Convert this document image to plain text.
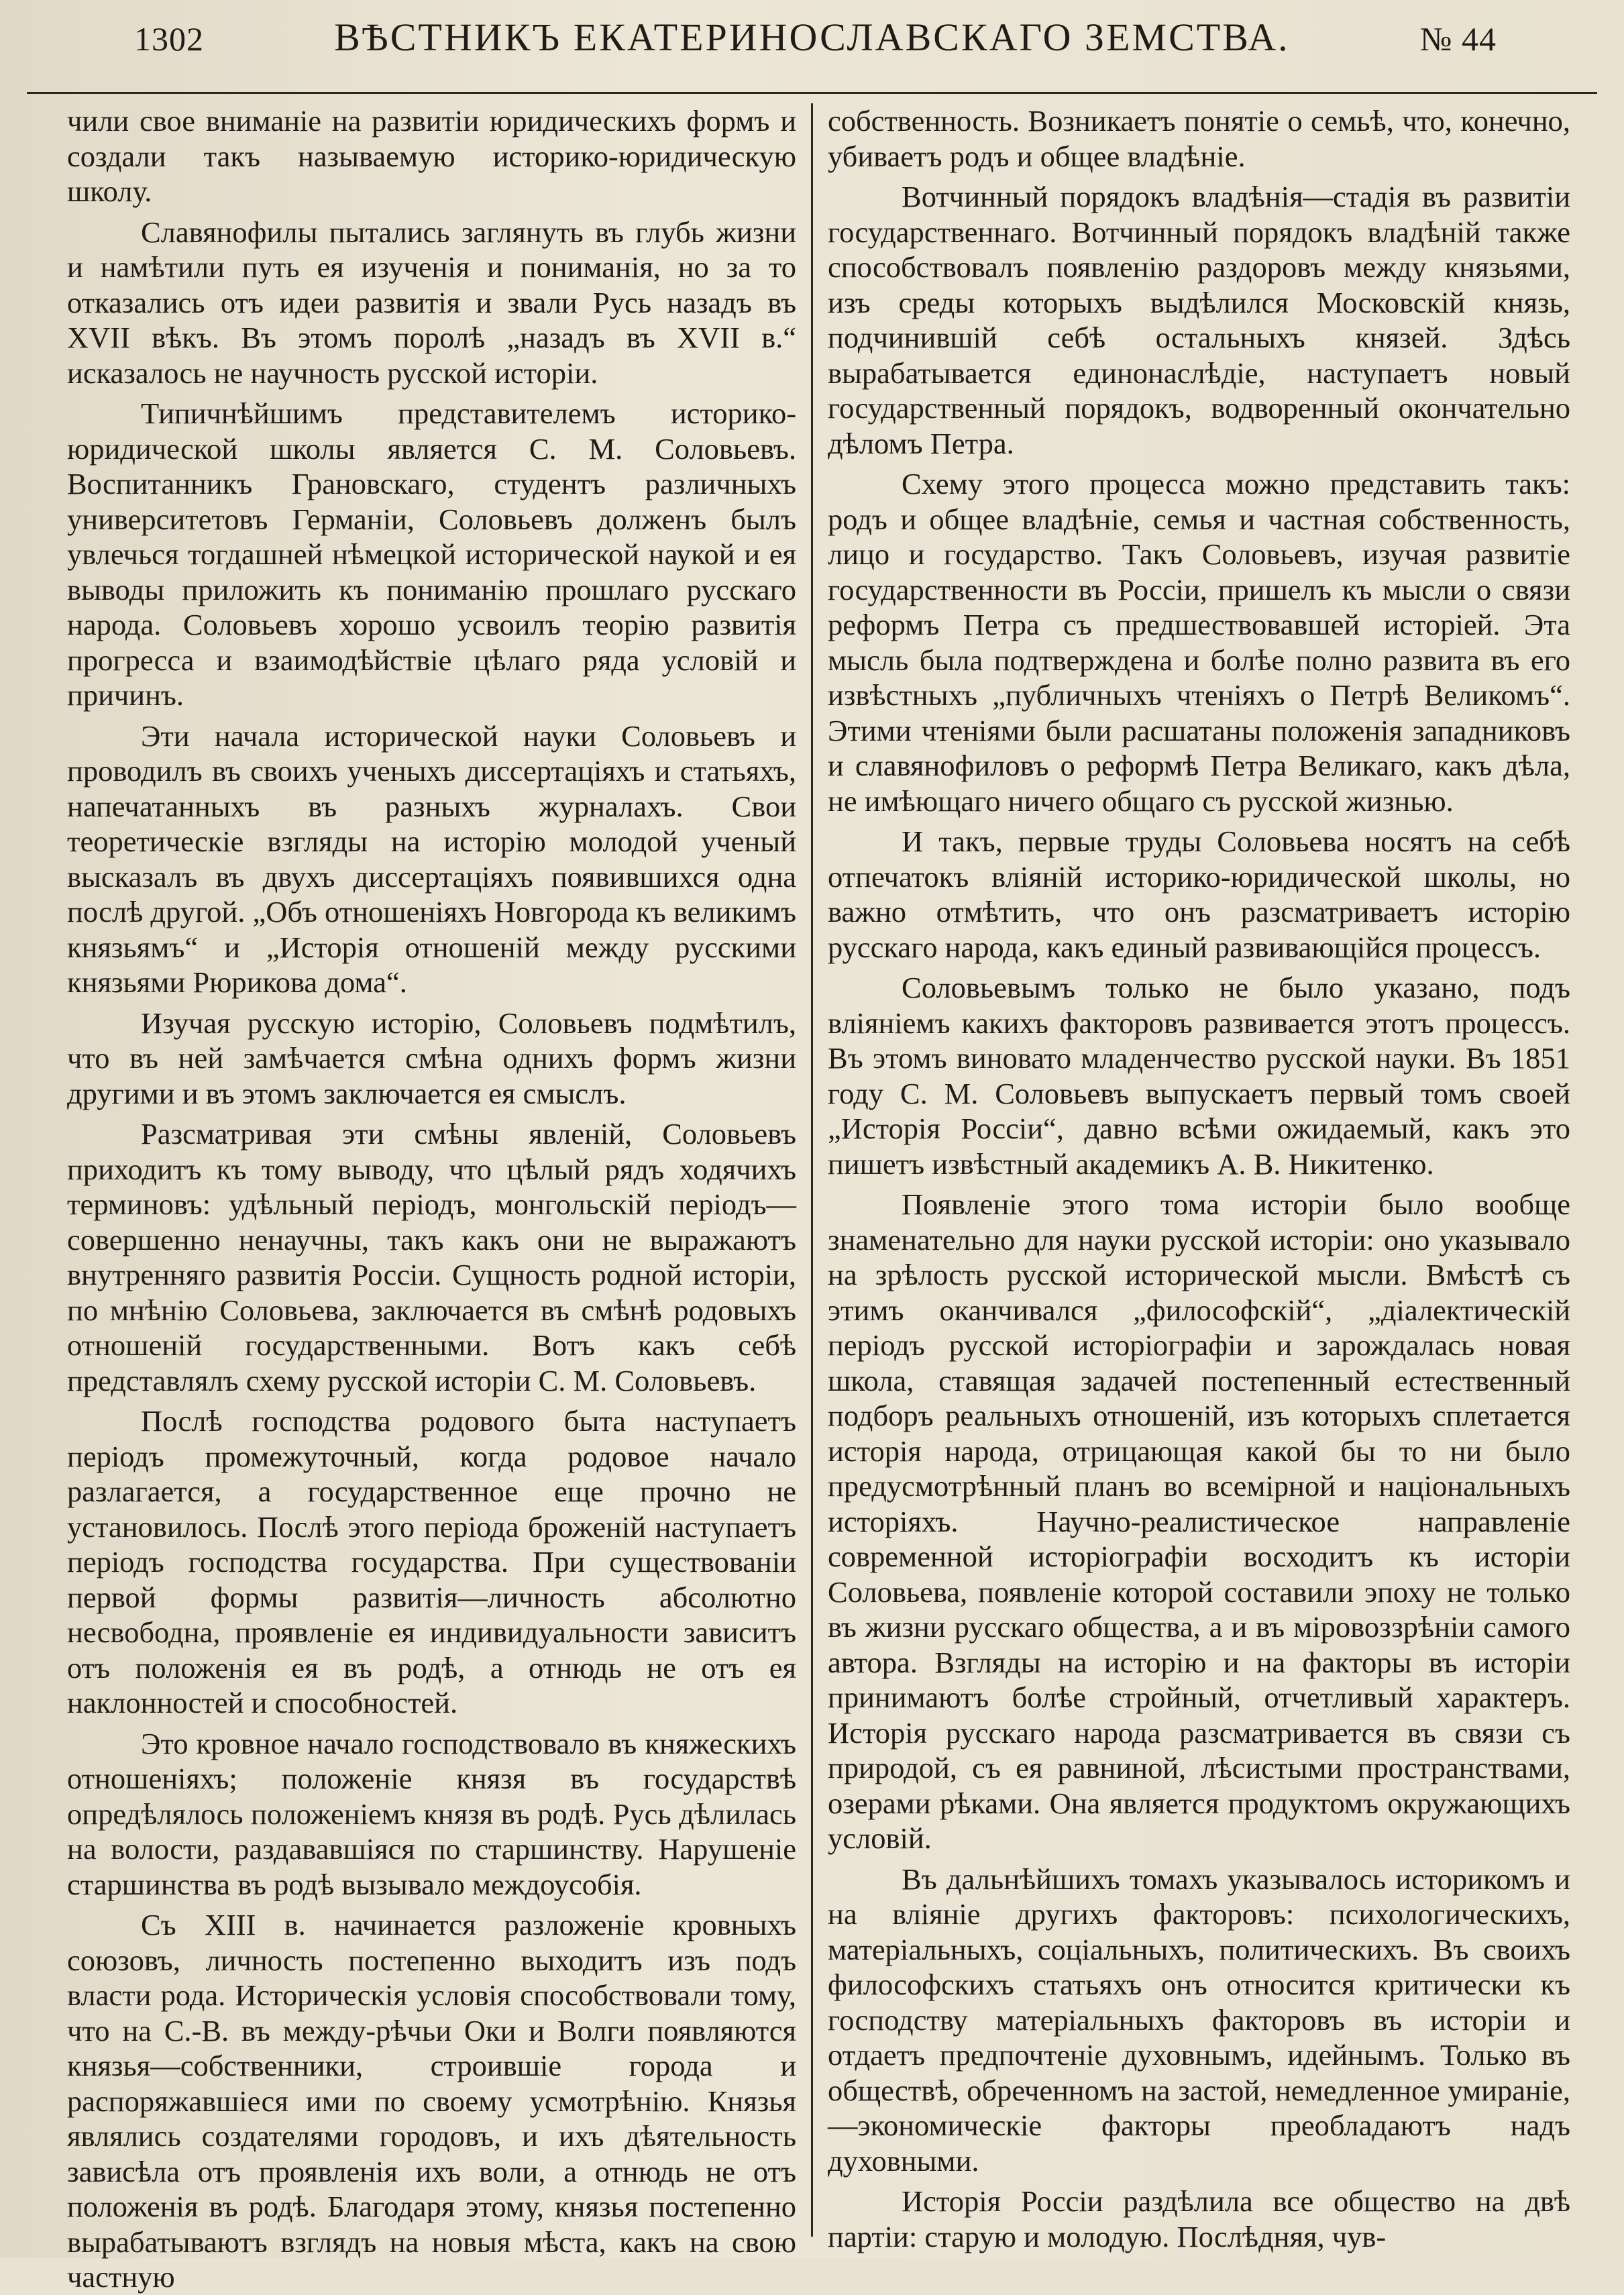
1302	ВѢСТНИКЪ ЕКАТЕРИНОСЛАВСКАГО ЗЕМСТВА.	№ 44

чили свое вниманіе на развитіи юридическихъ формъ и создали такъ называемую историко-юридическую школу.

Славянофилы пытались заглянуть въ глубь жизни и намѣтили путь ея изученія и пониманія, но за то отказались отъ идеи развитія и звали Русь назадъ въ XVII вѣкъ. Въ этомъ поролѣ „назадъ въ XVII в.“ исказалось не научность русской исторіи.

Типичнѣйшимъ представителемъ историко-юридической школы является С. М. Соловьевъ. Воспитанникъ Грановскаго, студентъ различныхъ университетовъ Германіи, Соловьевъ долженъ былъ увлечься тогдашней нѣмецкой исторической наукой и ея выводы приложить къ пониманію прошлаго русскаго народа. Соловьевъ хорошо усвоилъ теорію развитія прогресса и взаимодѣйствіе цѣлаго ряда условій и причинъ.

Эти начала исторической науки Соловьевъ и проводилъ въ своихъ ученыхъ диссертаціяхъ и статьяхъ, напечатанныхъ въ разныхъ журналахъ. Свои теоретическіе взгляды на исторію молодой ученый высказалъ въ двухъ диссертаціяхъ появившихся одна послѣ другой. „Объ отношеніяхъ Новгорода къ великимъ князьямъ“ и „Исторія отношеній между русскими князьями Рюрикова дома“.

Изучая русскую исторію, Соловьевъ подмѣтилъ, что въ ней замѣчается смѣна однихъ формъ жизни другими и въ этомъ заключается ея смыслъ.

Разсматривая эти смѣны явленій, Соловьевъ приходитъ къ тому выводу, что цѣлый рядъ ходячихъ терминовъ: удѣльный періодъ, монгольскій періодъ—совершенно ненаучны, такъ какъ они не выражаютъ внутренняго развитія Россіи. Сущность родной исторіи, по мнѣнію Соловьева, заключается въ смѣнѣ родовыхъ отношеній государственными. Вотъ какъ себѣ представлялъ схему русской исторіи С. М. Соловьевъ.

Послѣ господства родового быта наступаетъ періодъ промежуточный, когда родовое начало разлагается, а государственное еще прочно не установилось. Послѣ этого періода броженій наступаетъ періодъ господства государства. При существованіи первой формы развитія—личность абсолютно несвободна, проявленіе ея индивидуальности зависитъ отъ положенія ея въ родѣ, а отнюдь не отъ ея наклонностей и способностей.

Это кровное начало господствовало въ княжескихъ отношеніяхъ; положеніе князя въ государствѣ опредѣлялось положеніемъ князя въ родѣ. Русь дѣлилась на волости, раздававшіяся по старшинству. Нарушеніе старшинства въ родѣ вызывало междоусобія.

Съ XIII в. начинается разложеніе кровныхъ союзовъ, личность постепенно выходитъ изъ подъ власти рода. Историческія условія способствовали тому, что на С.-В. въ между-рѣчьи Оки и Волги появляются князья—собственники, строившіе города и распоряжавшіеся ими по своему усмотрѣнію. Князья являлись создателями городовъ, и ихъ дѣятельность зависѣла отъ проявленія ихъ воли, а отнюдь не отъ положенія въ родѣ. Благодаря этому, князья постепенно вырабатываютъ взглядъ на новыя мѣста, какъ на свою частную

собственность. Возникаетъ понятіе о семьѣ, что, конечно, убиваетъ родъ и общее владѣніе.

Вотчинный порядокъ владѣнія—стадія въ развитіи государственнаго. Вотчинный порядокъ владѣній также способствовалъ появленію раздоровъ между князьями, изъ среды которыхъ выдѣлился Московскій князь, подчинившій себѣ остальныхъ князей. Здѣсь вырабатывается единонаслѣдіе, наступаетъ новый государственный порядокъ, водворенный окончательно дѣломъ Петра.

Схему этого процесса можно представить такъ: родъ и общее владѣніе, семья и частная собственность, лицо и государство. Такъ Соловьевъ, изучая развитіе государственности въ Россіи, пришелъ къ мысли о связи реформъ Петра съ предшествовавшей исторіей. Эта мысль была подтверждена и болѣе полно развита въ его извѣстныхъ „публичныхъ чтеніяхъ о Петрѣ Великомъ“. Этими чтеніями были расшатаны положенія западниковъ и славянофиловъ о реформѣ Петра Великаго, какъ дѣла, не имѣющаго ничего общаго съ русской жизнью.

И такъ, первые труды Соловьева носятъ на себѣ отпечатокъ вліяній историко-юридической школы, но важно отмѣтить, что онъ разсматриваетъ исторію русскаго народа, какъ единый развивающійся процессъ.

Соловьевымъ только не было указано, подъ вліяніемъ какихъ факторовъ развивается этотъ процессъ. Въ этомъ виновато младенчество русской науки. Въ 1851 году С. М. Соловьевъ выпускаетъ первый томъ своей „Исторія Россіи“, давно всѣми ожидаемый, какъ это пишетъ извѣстный академикъ А. В. Никитенко.

Появленіе этого тома исторіи было вообще знаменательно для науки русской исторіи: оно указывало на зрѣлость русской исторической мысли. Вмѣстѣ съ этимъ оканчивался „философскій“, „діалектическій періодъ русской исторіографіи и зарождалась новая школа, ставящая задачей постепенный естественный подборъ реальныхъ отношеній, изъ которыхъ сплетается исторія народа, отрицающая какой бы то ни было предусмотрѣнный планъ во всемірной и національныхъ исторіяхъ. Научно-реалистическое направленіе современной исторіографіи восходитъ къ исторіи Соловьева, появленіе которой составили эпоху не только въ жизни русскаго общества, а и въ міровоззрѣніи самого автора. Взгляды на исторію и на факторы въ исторіи принимаютъ болѣе стройный, отчетливый характеръ. Исторія русскаго народа разсматривается въ связи съ природой, съ ея равниной, лѣсистыми пространствами, озерами рѣками. Она является продуктомъ окружающихъ условій.

Въ дальнѣйшихъ томахъ указывалось историкомъ и на вліяніе другихъ факторовъ: психологическихъ, матеріальныхъ, соціальныхъ, политическихъ. Въ своихъ философскихъ статьяхъ онъ относится критически къ господству матеріальныхъ факторовъ въ исторіи и отдаетъ предпочтеніе духовнымъ, идейнымъ. Только въ обществѣ, обреченномъ на застой, немедленное умираніе,—экономическіе факторы преобладаютъ надъ духовными.

Исторія Россіи раздѣлила все общество на двѣ партіи: старую и молодую. Послѣдняя, чув-
